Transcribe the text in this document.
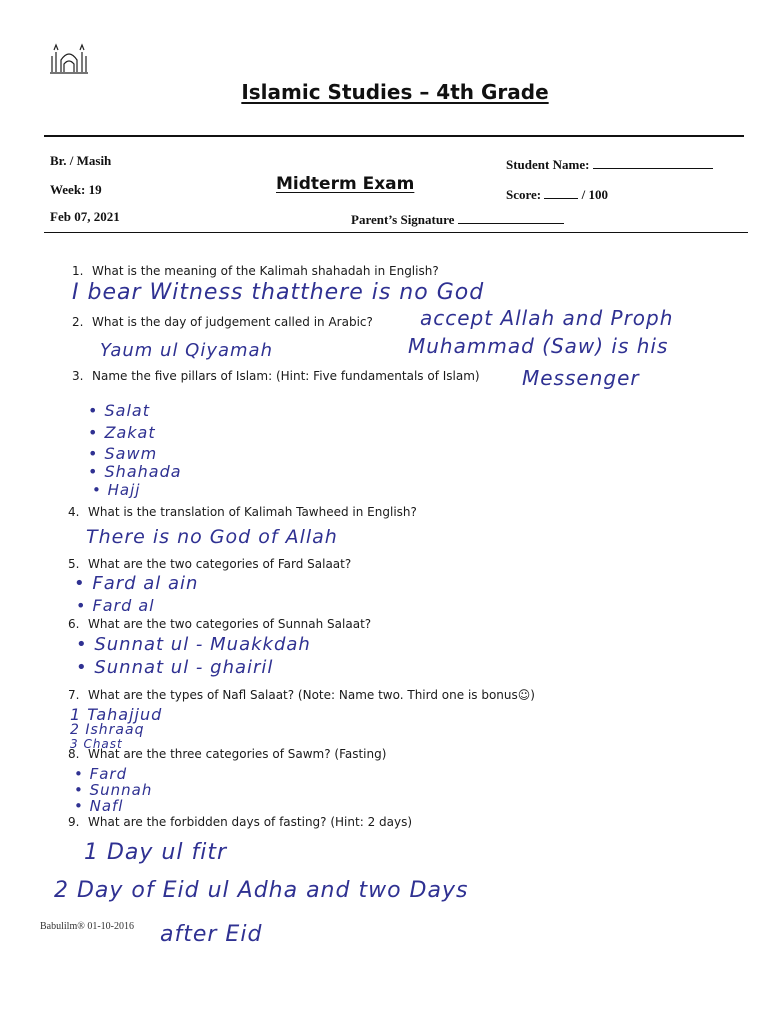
Islamic Studies – 4th Grade
Br. / Masih
Week: 19
Feb 07, 2021
Midterm Exam
Student Name:
Score:	/ 100
Parent’s Signature
1. What is the meaning of the Kalimah shahadah in English?
2. What is the day of judgement called in Arabic?
3. Name the five pillars of Islam: (Hint: Five fundamentals of Islam)
4. What is the translation of Kalimah Tawheed in English?
5. What are the two categories of Fard Salaat?
6. What are the two categories of Sunnah Salaat?
7. What are the types of Nafl Salaat? (Note: Name two. Third one is bonus☺)
8. What are the three categories of Sawm? (Fasting)
9. What are the forbidden days of fasting? (Hint: 2 days)
I bear Witness thatthere is no God
accept Allah and Proph
Muhammad (Saw) is his
Messenger
Yaum ul Qiyamah
• Salat
• Zakat
• Sawm
• Shahada
• Hajj
There is no God of Allah
• Fard al ain
• Fard al
• Sunnat ul - Muakkdah
• Sunnat ul - ghairil
1 Tahajjud
2 Ishraaq
3 Chast
• Fard
• Sunnah
• Nafl
1 Day ul fitr
2 Day of Eid ul Adha and two Days
after Eid
Babulilm® 01-10-2016
